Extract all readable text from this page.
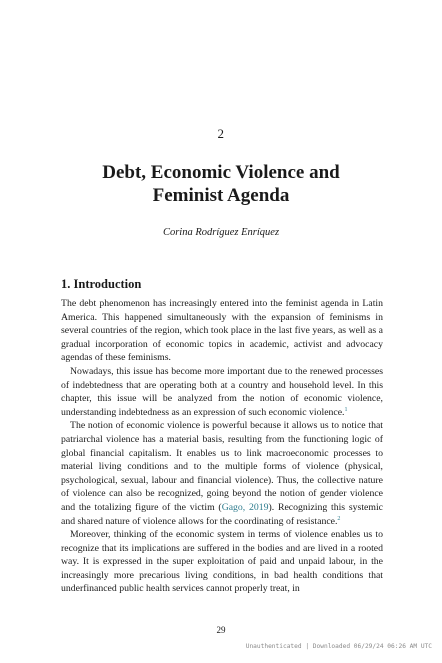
2
Debt, Economic Violence and
Feminist Agenda
Corina Rodríguez Enríquez
1. Introduction

The debt phenomenon has increasingly entered into the feminist agenda in Latin America. This happened simultaneously with the expansion of feminisms in several countries of the region, which took place in the last five years, as well as a gradual incorporation of economic topics in academic, activist and advocacy agendas of these feminisms.

Nowadays, this issue has become more important due to the renewed processes of indebtedness that are operating both at a country and household level. In this chapter, this issue will be analyzed from the notion of economic violence, understanding indebtedness as an expression of such economic violence.$^1$

The notion of economic violence is powerful because it allows us to notice that patriarchal violence has a material basis, resulting from the functioning logic of global financial capitalism. It enables us to link macroeconomic processes to material living conditions and to the multiple forms of violence (physical, psychological, sexual, labour and financial violence). Thus, the collective nature of violence can also be recognized, going beyond the notion of gender violence and the totalizing figure of the victim (Gago, 2019). Recognizing this systemic and shared nature of violence allows for the coordinating of resistance.$^2$

Moreover, thinking of the economic system in terms of violence enables us to recognize that its implications are suffered in the bodies and are lived in a rooted way. It is expressed in the super exploitation of paid and unpaid labour, in the increasingly more precarious living conditions, in bad health conditions that underfinanced public health services cannot properly treat, in

29
Unauthenticated | Downloaded 06/29/24 06:26 AM UTC
